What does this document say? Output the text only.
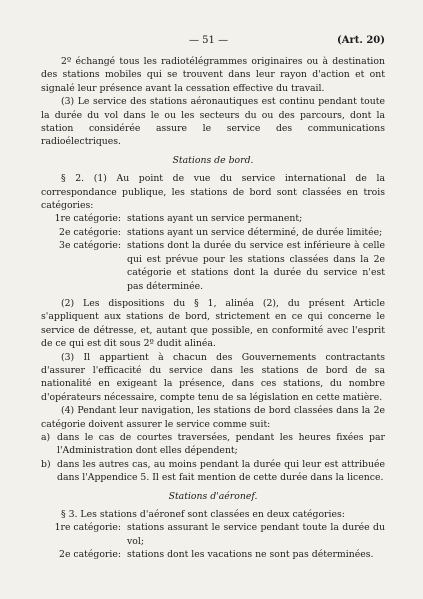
— 51 —	(Art. 20)

2º échangé tous les radiotélégrammes originaires ou à destination des stations mobiles qui se trouvent dans leur rayon d'action et ont signalé leur présence avant la cessation effective du travail.

(3) Le service des stations aéronautiques est continu pendant toute la durée du vol dans le ou les secteurs du ou des parcours, dont la station considérée assure le service des communications radioélectriques.

Stations de bord.

§ 2. (1) Au point de vue du service international de la correspondance publique, les stations de bord sont classées en trois catégories:

1re catégorie: stations ayant un service permanent;
2e catégorie: stations ayant un service déterminé, de durée limitée;
3e catégorie: stations dont la durée du service est inférieure à celle qui est prévue pour les stations classées dans la 2e catégorie et stations dont la durée du service n'est pas déterminée.

(2) Les dispositions du § 1, alinéa (2), du présent Article s'appliquent aux stations de bord, strictement en ce qui concerne le service de détresse, et, autant que possible, en conformité avec l'esprit de ce qui est dit sous 2º dudit alinéa.

(3) Il appartient à chacun des Gouvernements contractants d'assurer l'efficacité du service dans les stations de bord de sa nationalité en exigeant la présence, dans ces stations, du nombre d'opérateurs nécessaire, compte tenu de sa législation en cette matière.

(4) Pendant leur navigation, les stations de bord classées dans la 2e catégorie doivent assurer le service comme suit:

a) dans le cas de courtes traversées, pendant les heures fixées par l'Administration dont elles dépendent;
b) dans les autres cas, au moins pendant la durée qui leur est attribuée dans l'Appendice 5. Il est fait mention de cette durée dans la licence.

Stations d'aéronef.

§ 3. Les stations d'aéronef sont classées en deux catégories:

1re catégorie: stations assurant le service pendant toute la durée du vol;
2e catégorie: stations dont les vacations ne sont pas déterminées.
